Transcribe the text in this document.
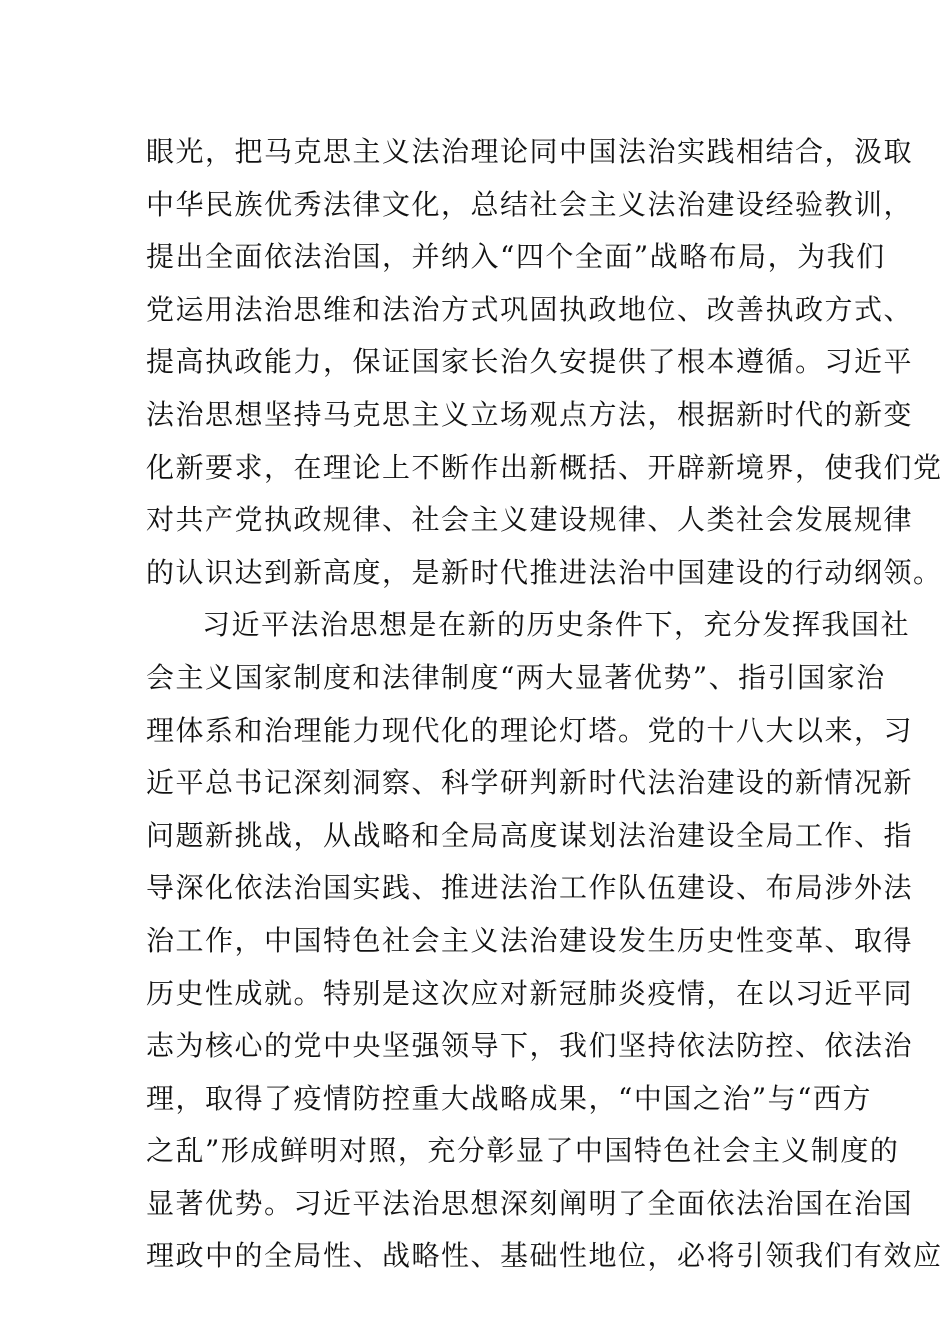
眼光，把马克思主义法治理论同中国法治实践相结合，汲取
中华民族优秀法律文化，总结社会主义法治建设经验教训，
提出全面依法治国，并纳入“四个全面”战略布局，为我们
党运用法治思维和法治方式巩固执政地位、改善执政方式、
提高执政能力，保证国家长治久安提供了根本遵循。习近平
法治思想坚持马克思主义立场观点方法，根据新时代的新变
化新要求，在理论上不断作出新概括、开辟新境界，使我们党
对共产党执政规律、社会主义建设规律、人类社会发展规律
的认识达到新高度，是新时代推进法治中国建设的行动纲领。
习近平法治思想是在新的历史条件下，充分发挥我国社
会主义国家制度和法律制度“两大显著优势”、指引国家治
理体系和治理能力现代化的理论灯塔。党的十八大以来，习
近平总书记深刻洞察、科学研判新时代法治建设的新情况新
问题新挑战，从战略和全局高度谋划法治建设全局工作、指
导深化依法治国实践、推进法治工作队伍建设、布局涉外法
治工作，中国特色社会主义法治建设发生历史性变革、取得
历史性成就。特别是这次应对新冠肺炎疫情，在以习近平同
志为核心的党中央坚强领导下，我们坚持依法防控、依法治
理，取得了疫情防控重大战略成果，“中国之治”与“西方
之乱”形成鲜明对照，充分彰显了中国特色社会主义制度的
显著优势。习近平法治思想深刻阐明了全面依法治国在治国
理政中的全局性、战略性、基础性地位，必将引领我们有效应
